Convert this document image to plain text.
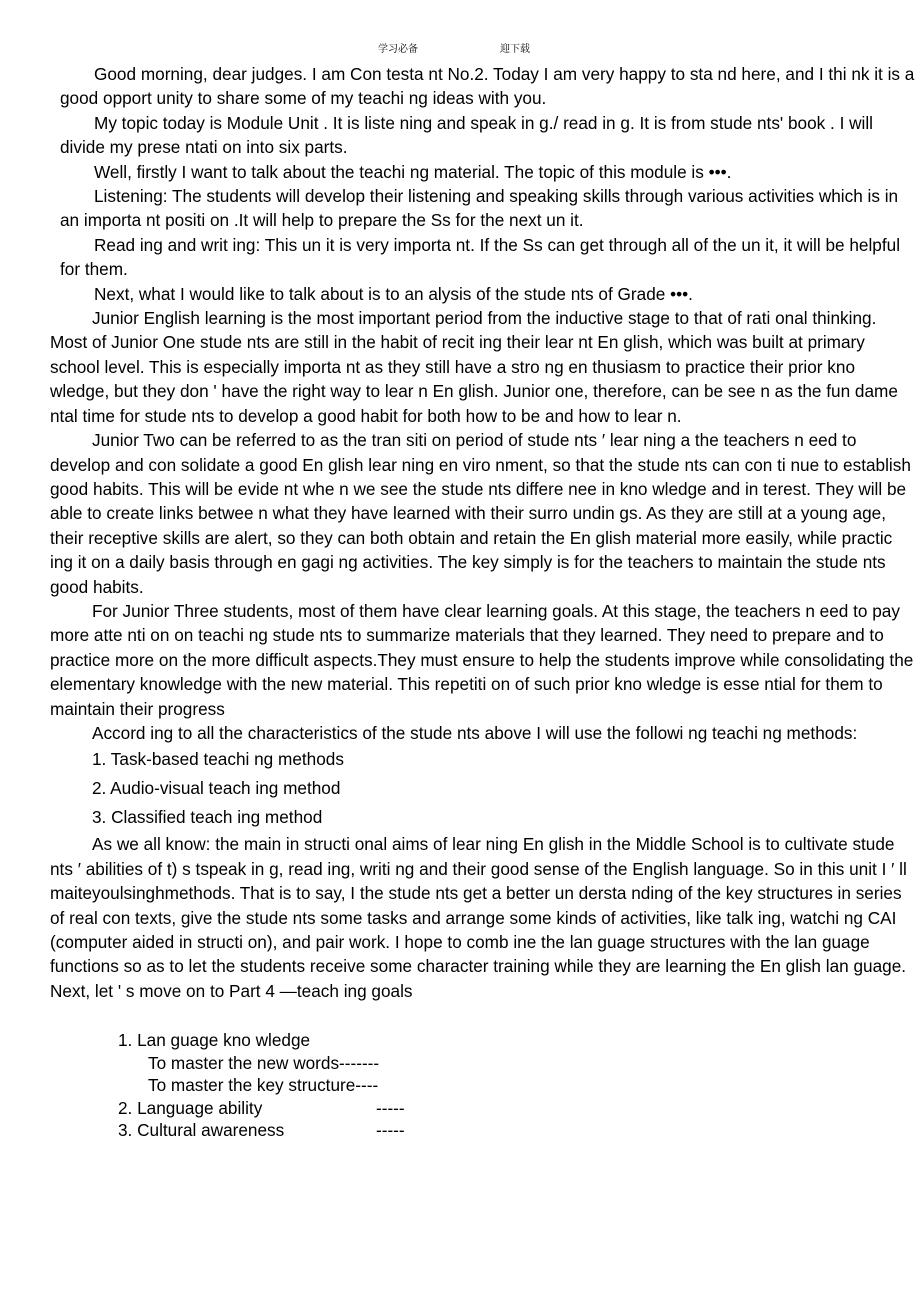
学习必备	迎下载

Good morning, dear judges. I am Con testa nt No.2. Today I am very happy to sta nd here, and I thi nk it is a good opport unity to share some of my teachi ng ideas with you.

My topic today is Module Unit . It is liste ning and speak in g./ read in g. It is from stude nts' book . I will divide my prese ntati on into six parts.

Well, firstly I want to talk about the teachi ng material. The topic of this module is •••.

Listening: The students will develop their listening and speaking skills through various activities which is in an importa nt positi on .It will help to prepare the Ss for the next un it.

Read ing and writ ing: This un it is very importa nt. If the Ss can get through all of the un it, it will be helpful for them.

Next, what I would like to talk about is to an alysis of the stude nts of Grade •••.

Junior English learning is the most important period from the inductive stage to that of rati onal thinking. Most of Junior One stude nts are still in the habit of recit ing their lear nt En glish, which was built at primary school level. This is especially importa nt as they still have a stro ng en thusiasm to practice their prior kno wledge, but they don ' have the right way to lear n En glish. Junior one, therefore, can be see n as the fun dame ntal time for stude nts to develop a good habit for both how to be and how to lear n.

Junior Two can be referred to as the tran siti on period of stude nts ′ lear ning a the teachers n eed to develop and con solidate a good En glish lear ning en viro nment, so that the stude nts can con ti nue to establish good habits. This will be evide nt whe n we see the stude nts differe nee in kno wledge and in terest. They will be able to create links betwee n what they have learned with their surro undin gs. As they are still at a young age, their receptive skills are alert, so they can both obtain and retain the En glish material more easily, while practic ing it on a daily basis through en gagi ng activities. The key simply is for the teachers to maintain the stude nts good habits.

For Junior Three students, most of them have clear learning goals. At this stage, the teachers n eed to pay more atte nti on on teachi ng stude nts to summarize materials that they learned. They need to prepare and to practice more on the more difficult aspects.They must ensure to help the students improve while consolidating the elementary knowledge with the new material. This repetiti on of such prior kno wledge is esse ntial for them to maintain their progress

Accord ing to all the characteristics of the stude nts above I will use the followi ng teachi ng methods:

1. Task-based teachi ng methods
2. Audio-visual teach ing method
3. Classified teach ing method

As we all know: the main in structi onal aims of lear ning En glish in the Middle School is to cultivate stude nts ′ abilities of t) s tspeak in g, read ing, writi ng and their good sense of the English language. So in this unit I ′ ll maiteyoulsinghmethods. That is to say, I the stude nts get a better un dersta nding of the key structures in series of real con texts, give the stude nts some tasks and arrange some kinds of activities, like talk ing, watchi ng CAI (computer aided in structi on), and pair work. I hope to comb ine the lan guage structures with the lan guage functions so as to let the students receive some character training while they are learning the En glish lan guage.

Next, let ' s move on to Part 4 —teach ing goals

1. Lan guage kno wledge
To master the new words-------
To master the key structure----
2. Language ability	-----
3. Cultural awareness	-----
